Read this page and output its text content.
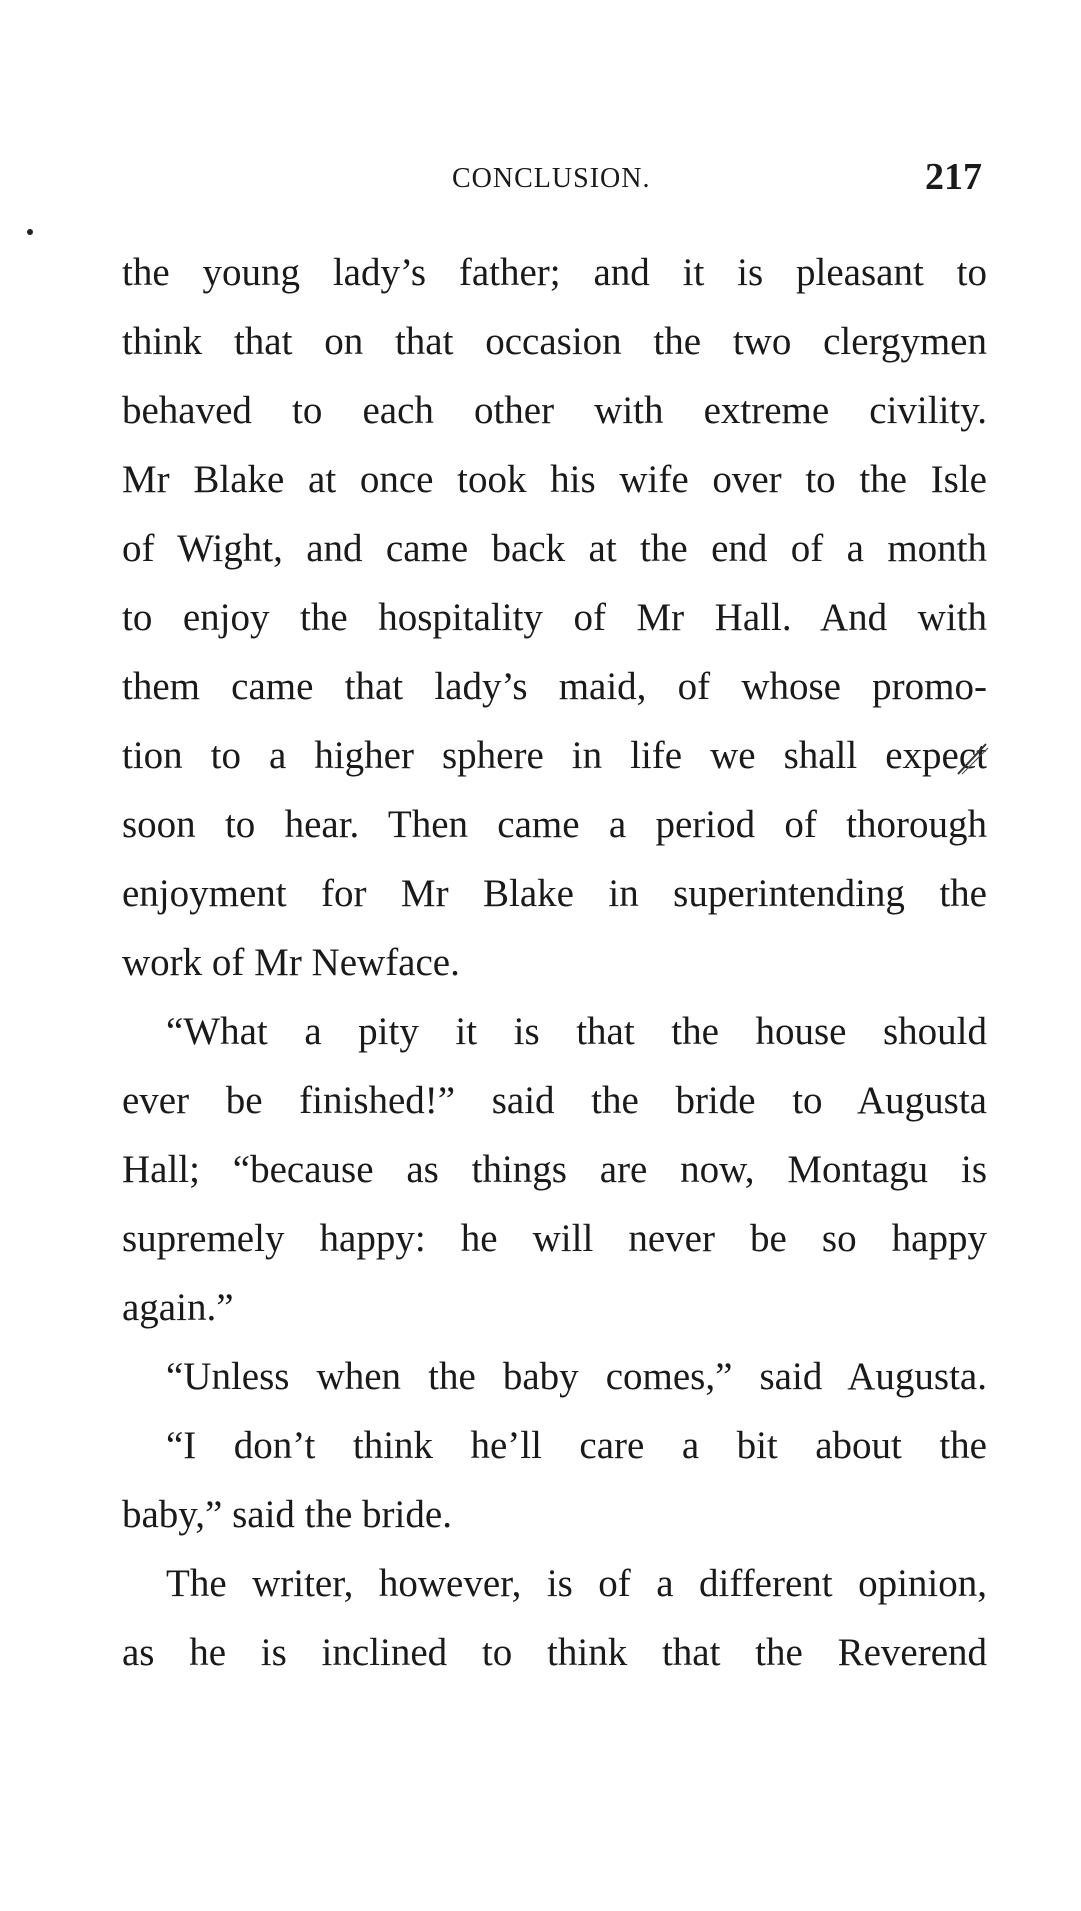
CONCLUSION.	217
the young lady’s father; and it is pleasant to
think that on that occasion the two clergymen
behaved to each other with extreme civility.
Mr Blake at once took his wife over to the Isle
of Wight, and came back at the end of a month
to enjoy the hospitality of Mr Hall. And with
them came that lady’s maid, of whose promo-
tion to a higher sphere in life we shall expect
soon to hear. Then came a period of thorough
enjoyment for Mr Blake in superintending the
work of Mr Newface.
“What a pity it is that the house should
ever be finished!” said the bride to Augusta
Hall; “because as things are now, Montagu is
supremely happy: he will never be so happy
again.”
“Unless when the baby comes,” said Augusta.
“I don’t think he’ll care a bit about the
baby,” said the bride.
The writer, however, is of a different opinion,
as he is inclined to think that the Reverend
